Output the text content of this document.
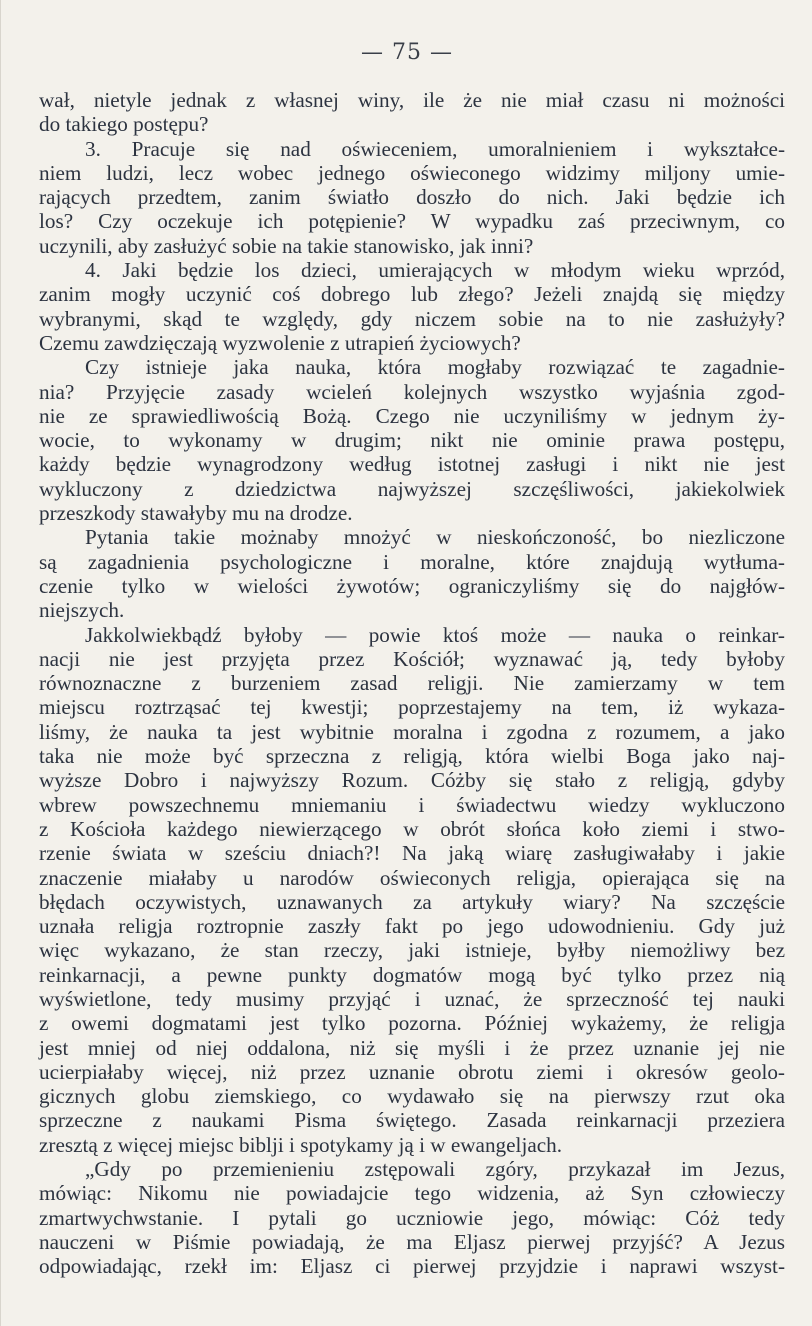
— 75 —
wał, nietyle jednak z własnej winy, ile że nie miał czasu ni możności
do takiego postępu?
3. Pracuje się nad oświeceniem, umoralnieniem i wykształce-
niem ludzi, lecz wobec jednego oświeconego widzimy miljony umie-
rających przedtem, zanim światło doszło do nich. Jaki będzie ich
los? Czy oczekuje ich potępienie? W wypadku zaś przeciwnym, co
uczynili, aby zasłużyć sobie na takie stanowisko, jak inni?
4. Jaki będzie los dzieci, umierających w młodym wieku wprzód,
zanim mogły uczynić coś dobrego lub złego? Jeżeli znajdą się między
wybranymi, skąd te względy, gdy niczem sobie na to nie zasłużyły?
Czemu zawdzięczają wyzwolenie z utrapień życiowych?
Czy istnieje jaka nauka, która mogłaby rozwiązać te zagadnie-
nia? Przyjęcie zasady wcieleń kolejnych wszystko wyjaśnia zgod-
nie ze sprawiedliwością Bożą. Czego nie uczyniliśmy w jednym ży-
wocie, to wykonamy w drugim; nikt nie ominie prawa postępu,
każdy będzie wynagrodzony według istotnej zasługi i nikt nie jest
wykluczony z dziedzictwa najwyższej szczęśliwości, jakiekolwiek
przeszkody stawałyby mu na drodze.
Pytania takie możnaby mnożyć w nieskończoność, bo niezliczone
są zagadnienia psychologiczne i moralne, które znajdują wytłuma-
czenie tylko w wielości żywotów; ograniczyliśmy się do najgłów-
niejszych.
Jakkolwiekbądź byłoby — powie ktoś może — nauka o reinkar-
nacji nie jest przyjęta przez Kościół; wyznawać ją, tedy byłoby
równoznaczne z burzeniem zasad religji. Nie zamierzamy w tem
miejscu roztrząsać tej kwestji; poprzestajemy na tem, iż wykaza-
liśmy, że nauka ta jest wybitnie moralna i zgodna z rozumem, a jako
taka nie może być sprzeczna z religją, która wielbi Boga jako naj-
wyższe Dobro i najwyższy Rozum. Cóżby się stało z religją, gdyby
wbrew powszechnemu mniemaniu i świadectwu wiedzy wykluczono
z Kościoła każdego niewierzącego w obrót słońca koło ziemi i stwo-
rzenie świata w sześciu dniach?! Na jaką wiarę zasługiwałaby i jakie
znaczenie miałaby u narodów oświeconych religja, opierająca się na
błędach oczywistych, uznawanych za artykuły wiary? Na szczęście
uznała religja roztropnie zaszły fakt po jego udowodnieniu. Gdy już
więc wykazano, że stan rzeczy, jaki istnieje, byłby niemożliwy bez
reinkarnacji, a pewne punkty dogmatów mogą być tylko przez nią
wyświetlone, tedy musimy przyjąć i uznać, że sprzeczność tej nauki
z owemi dogmatami jest tylko pozorna. Później wykażemy, że religja
jest mniej od niej oddalona, niż się myśli i że przez uznanie jej nie
ucierpiałaby więcej, niż przez uznanie obrotu ziemi i okresów geolo-
gicznych globu ziemskiego, co wydawało się na pierwszy rzut oka
sprzeczne z naukami Pisma świętego. Zasada reinkarnacji przeziera
zresztą z więcej miejsc biblji i spotykamy ją i w ewangeljach.
„Gdy po przemienieniu zstępowali zgóry, przykazał im Jezus,
mówiąc: Nikomu nie powiadajcie tego widzenia, aż Syn człowieczy
zmartwychwstanie. I pytali go uczniowie jego, mówiąc: Cóż tedy
nauczeni w Piśmie powiadają, że ma Eljasz pierwej przyjść? A Jezus
odpowiadając, rzekł im: Eljasz ci pierwej przyjdzie i naprawi wszyst-
